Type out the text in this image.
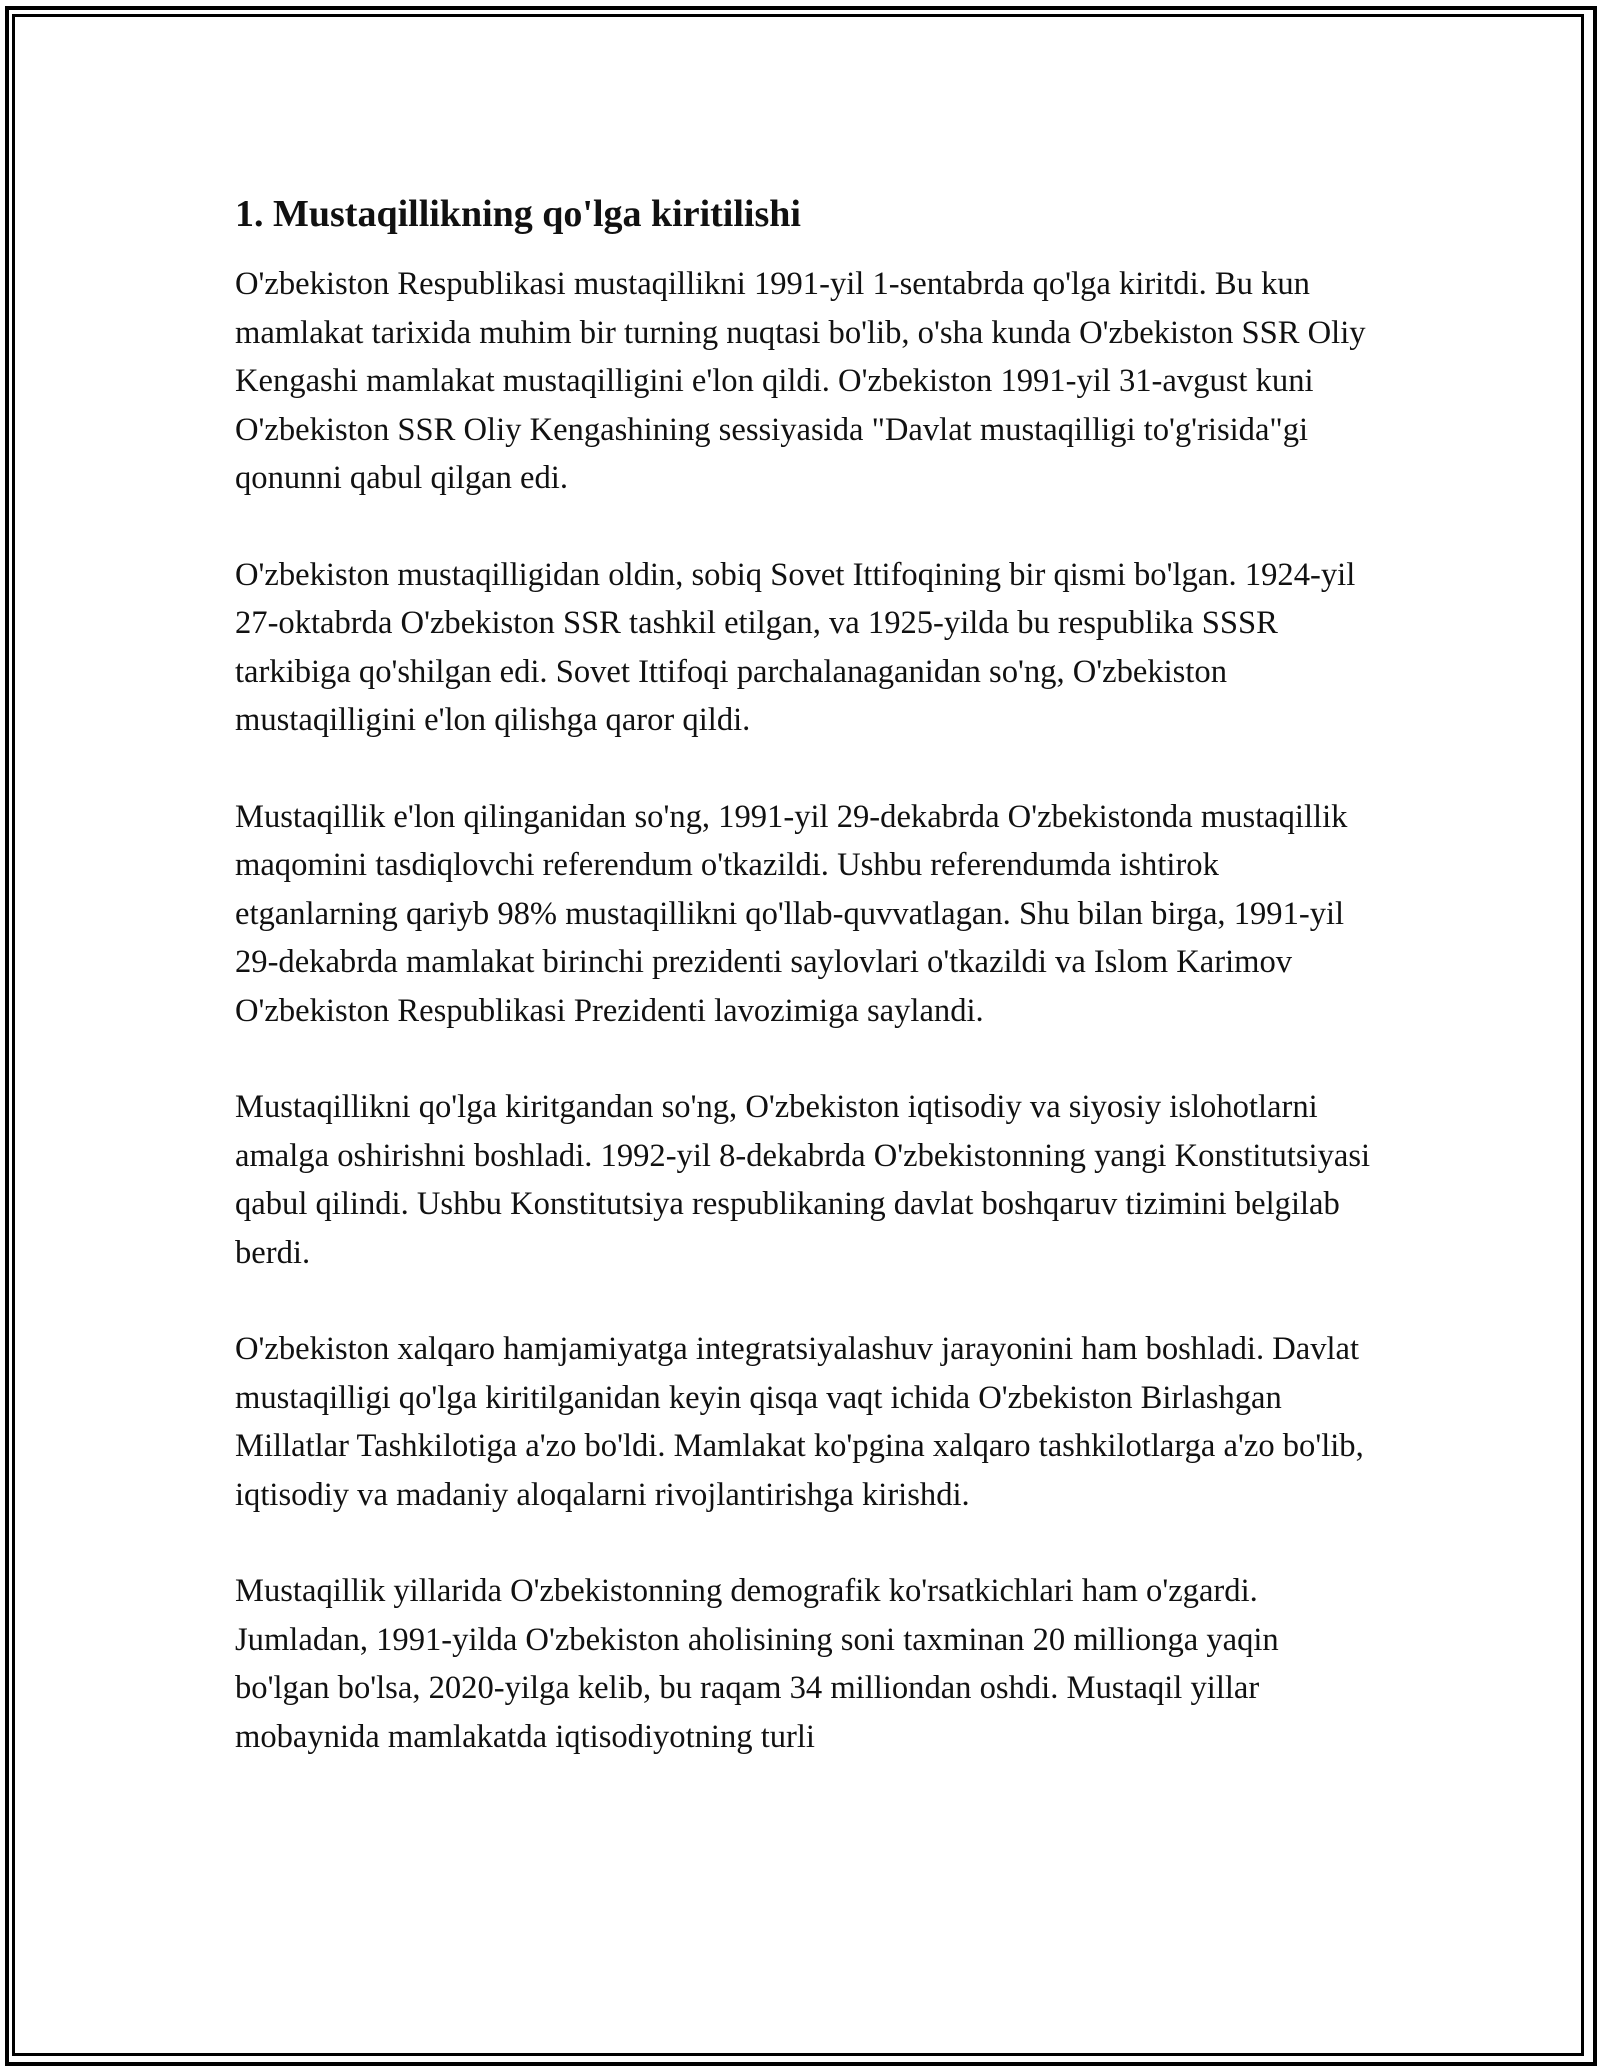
1. Mustaqillikning qo'lga kiritilishi

O'zbekiston Respublikasi mustaqillikni 1991-yil 1-sentabrda qo'lga kiritdi. Bu kun mamlakat tarixida muhim bir turning nuqtasi bo'lib, o'sha kunda O'zbekiston SSR Oliy Kengashi mamlakat mustaqilligini e'lon qildi. O'zbekiston 1991-yil 31-avgust kuni O'zbekiston SSR Oliy Kengashining sessiyasida "Davlat mustaqilligi to'g'risida"gi qonunni qabul qilgan edi.

O'zbekiston mustaqilligidan oldin, sobiq Sovet Ittifoqining bir qismi bo'lgan. 1924-yil 27-oktabrda O'zbekiston SSR tashkil etilgan, va 1925-yilda bu respublika SSSR tarkibiga qo'shilgan edi. Sovet Ittifoqi parchalanaganidan so'ng, O'zbekiston mustaqilligini e'lon qilishga qaror qildi.

Mustaqillik e'lon qilinganidan so'ng, 1991-yil 29-dekabrda O'zbekistonda mustaqillik maqomini tasdiqlovchi referendum o'tkazildi. Ushbu referendumda ishtirok etganlarning qariyb 98% mustaqillikni qo'llab-quvvatlagan. Shu bilan birga, 1991-yil 29-dekabrda mamlakat birinchi prezidenti saylovlari o'tkazildi va Islom Karimov O'zbekiston Respublikasi Prezidenti lavozimiga saylandi.

Mustaqillikni qo'lga kiritgandan so'ng, O'zbekiston iqtisodiy va siyosiy islohotlarni amalga oshirishni boshladi. 1992-yil 8-dekabrda O'zbekistonning yangi Konstitutsiyasi qabul qilindi. Ushbu Konstitutsiya respublikaning davlat boshqaruv tizimini belgilab berdi.

O'zbekiston xalqaro hamjamiyatga integratsiyalashuv jarayonini ham boshladi. Davlat mustaqilligi qo'lga kiritilganidan keyin qisqa vaqt ichida O'zbekiston Birlashgan Millatlar Tashkilotiga a'zo bo'ldi. Mamlakat ko'pgina xalqaro tashkilotlarga a'zo bo'lib, iqtisodiy va madaniy aloqalarni rivojlantirishga kirishdi.

Mustaqillik yillarida O'zbekistonning demografik ko'rsatkichlari ham o'zgardi. Jumladan, 1991-yilda O'zbekiston aholisining soni taxminan 20 millionga yaqin bo'lgan bo'lsa, 2020-yilga kelib, bu raqam 34 milliondan oshdi. Mustaqil yillar mobaynida mamlakatda iqtisodiyotning turli
